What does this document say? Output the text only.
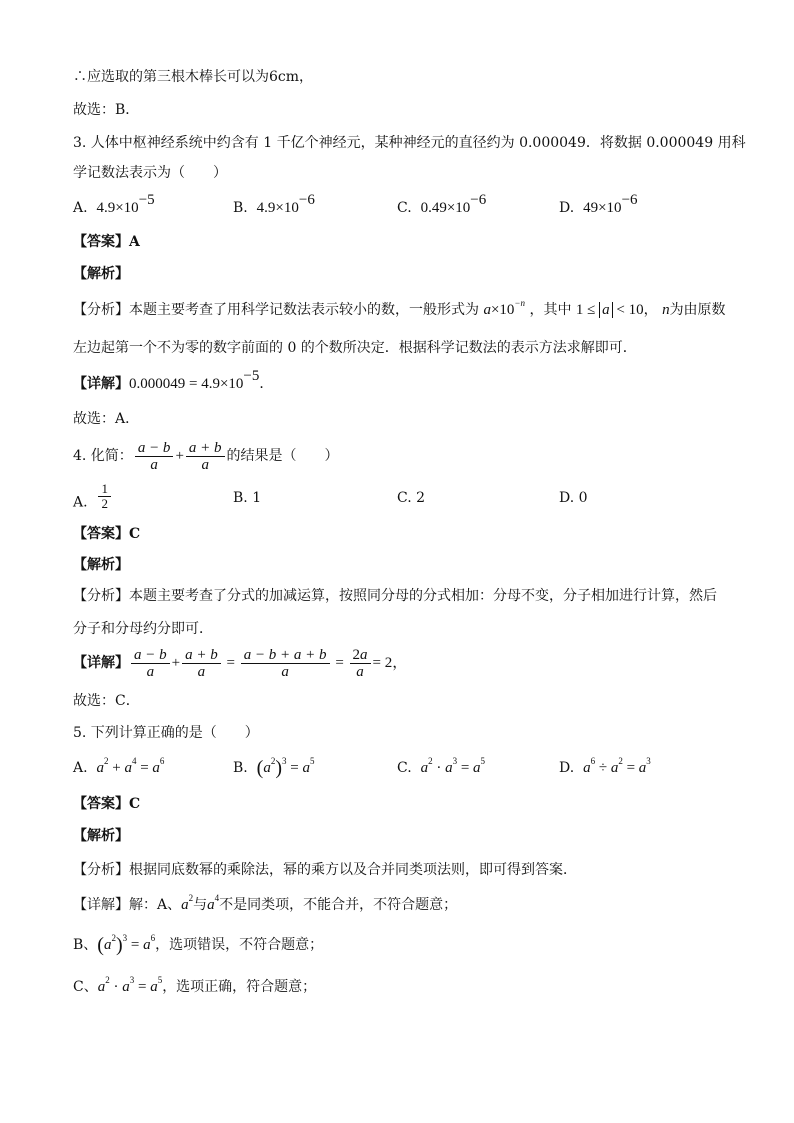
∴应选取的第三根木棒长可以为6cm，
故选：B．
3. 人体中枢神经系统中约含有 1 千亿个神经元，某种神经元的直径约为 0.000049．将数据 0.000049 用科
学记数法表示为（　　）
A. $4.9\times 10^{-5}$	B. $4.9\times 10^{-6}$	C. $0.49\times 10^{-6}$	D. $49\times 10^{-6}$
【答案】A
【解析】
【分析】本题主要考查了用科学记数法表示较小的数，一般形式为 $a\times 10^{-n}$ ，其中 1 ≤ a < 10， n为由原数
左边起第一个不为零的数字前面的 0 的个数所决定．根据科学记数法的表示方法求解即可．
【详解】$0.000049 = 4.9\times 10^{-5}$．
故选：A．
4. 化简： $\frac{a - b}{a} + \frac{a + b}{a}$ 的结果是（　　）
A. $\frac{1}{2}$	B. 1	C. 2	D. 0
【答案】C
【解析】
【分析】本题主要考查了分式的加减运算，按照同分母的分式相加：分母不变，分子相加进行计算，然后
分子和分母约分即可．
【详解】 $\frac{a - b}{a} + \frac{a + b}{a} = \frac{a - b + a + b}{a} = \frac{2a}{a} = 2$，
故选：C．
5. 下列计算正确的是（　　）
A. $a^2 + a^4 = a^6$	B. $(a^2)^3 = a^5$	C. $a^2 \cdot a^3 = a^5$	D. $a^6 \div a^2 = a^3$
【答案】C
【解析】
【分析】根据同底数幂的乘除法，幂的乘方以及合并同类项法则，即可得到答案．
【详解】解：A、$a^2$与$a^4$不是同类项，不能合并，不符合题意；
B、$(a^2)^3 = a^6$，选项错误，不符合题意；
C、$a^2 \cdot a^3 = a^5$，选项正确，符合题意；
